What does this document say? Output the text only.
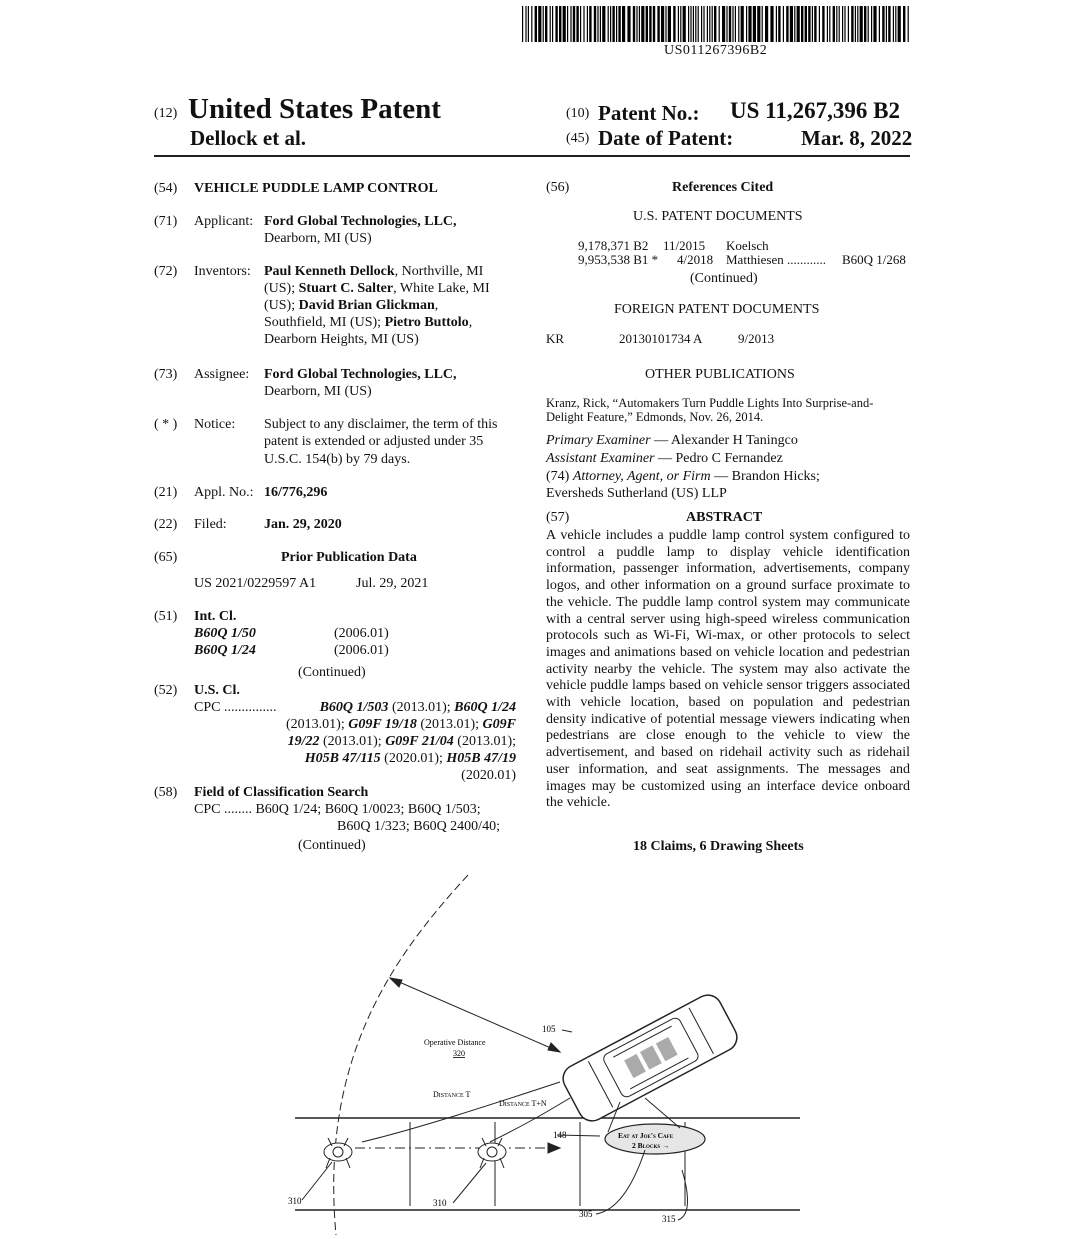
US011267396B2
(12) United States Patent
Dellock et al.
(10) Patent No.: US 11,267,396 B2
(45) Date of Patent:	Mar. 8, 2022
(54) VEHICLE PUDDLE LAMP CONTROL
(71) Applicant: Ford Global Technologies, LLC,
Dearborn, MI (US)
(72) Inventors: Paul Kenneth Dellock, Northville, MI
(US); Stuart C. Salter, White Lake, MI
(US); David Brian Glickman,
Southfield, MI (US); Pietro Buttolo,
Dearborn Heights, MI (US)
(73) Assignee: Ford Global Technologies, LLC,
Dearborn, MI (US)
( * ) Notice: Subject to any disclaimer, the term of this
patent is extended or adjusted under 35
U.S.C. 154(b) by 79 days.
(21) Appl. No.: 16/776,296
(22) Filed:	Jan. 29, 2020
(65)	Prior Publication Data
US 2021/0229597 A1	Jul. 29, 2021
(51) Int. Cl.
B60Q 1/50	(2006.01)
B60Q 1/24	(2006.01)
(Continued)
(52) U.S. Cl.
CPC ...............	B60Q 1/503 (2013.01); B60Q 1/24
(2013.01); G09F 19/18 (2013.01); G09F
19/22 (2013.01); G09F 21/04 (2013.01);
H05B 47/115 (2020.01); H05B 47/19
(2020.01)
(58) Field of Classification Search
CPC ........ B60Q 1/24; B60Q 1/0023; B60Q 1/503;
B60Q 1/323; B60Q 2400/40;
(Continued)
(56)	References Cited
U.S. PATENT DOCUMENTS
9,178,371 B2 11/2015 Koelsch
9,953,538 B1 * 4/2018 Matthiesen ............ B60Q 1/268
(Continued)
FOREIGN PATENT DOCUMENTS
KR	20130101734 A	9/2013
OTHER PUBLICATIONS
Kranz, Rick, “Automakers Turn Puddle Lights Into Surprise-and-
Delight Feature,” Edmonds, Nov. 26, 2014.
Primary Examiner — Alexander H Taningco
Assistant Examiner — Pedro C Fernandez
(74) Attorney, Agent, or Firm — Brandon Hicks;
Eversheds Sutherland (US) LLP
(57)	ABSTRACT
A vehicle includes a puddle lamp control system configured to control a puddle lamp to display vehicle identification information, passenger information, advertisements, company logos, and other information on a ground surface proximate to the vehicle. The puddle lamp control system may communicate with a central server using high-speed wireless communication protocols such as Wi-Fi, Wi-max, or other protocols to select images and animations based on vehicle location and pedestrian activity nearby the vehicle. The system may also activate the vehicle puddle lamps based on vehicle sensor triggers associated with vehicle location, based on population and pedestrian density indicative of potential message viewers indicating when pedestrians are close enough to the vehicle to view the advertisement, and based on ridehail activity such as ridehail user information, and seat assignments. The messages and images may be customized using an interface device onboard the vehicle.
18 Claims, 6 Drawing Sheets
105
Operative Distance
320
Distance T
Distance T+N
148	Eat at Joe's Cafe
2 Blocks →
310	310
305	315
